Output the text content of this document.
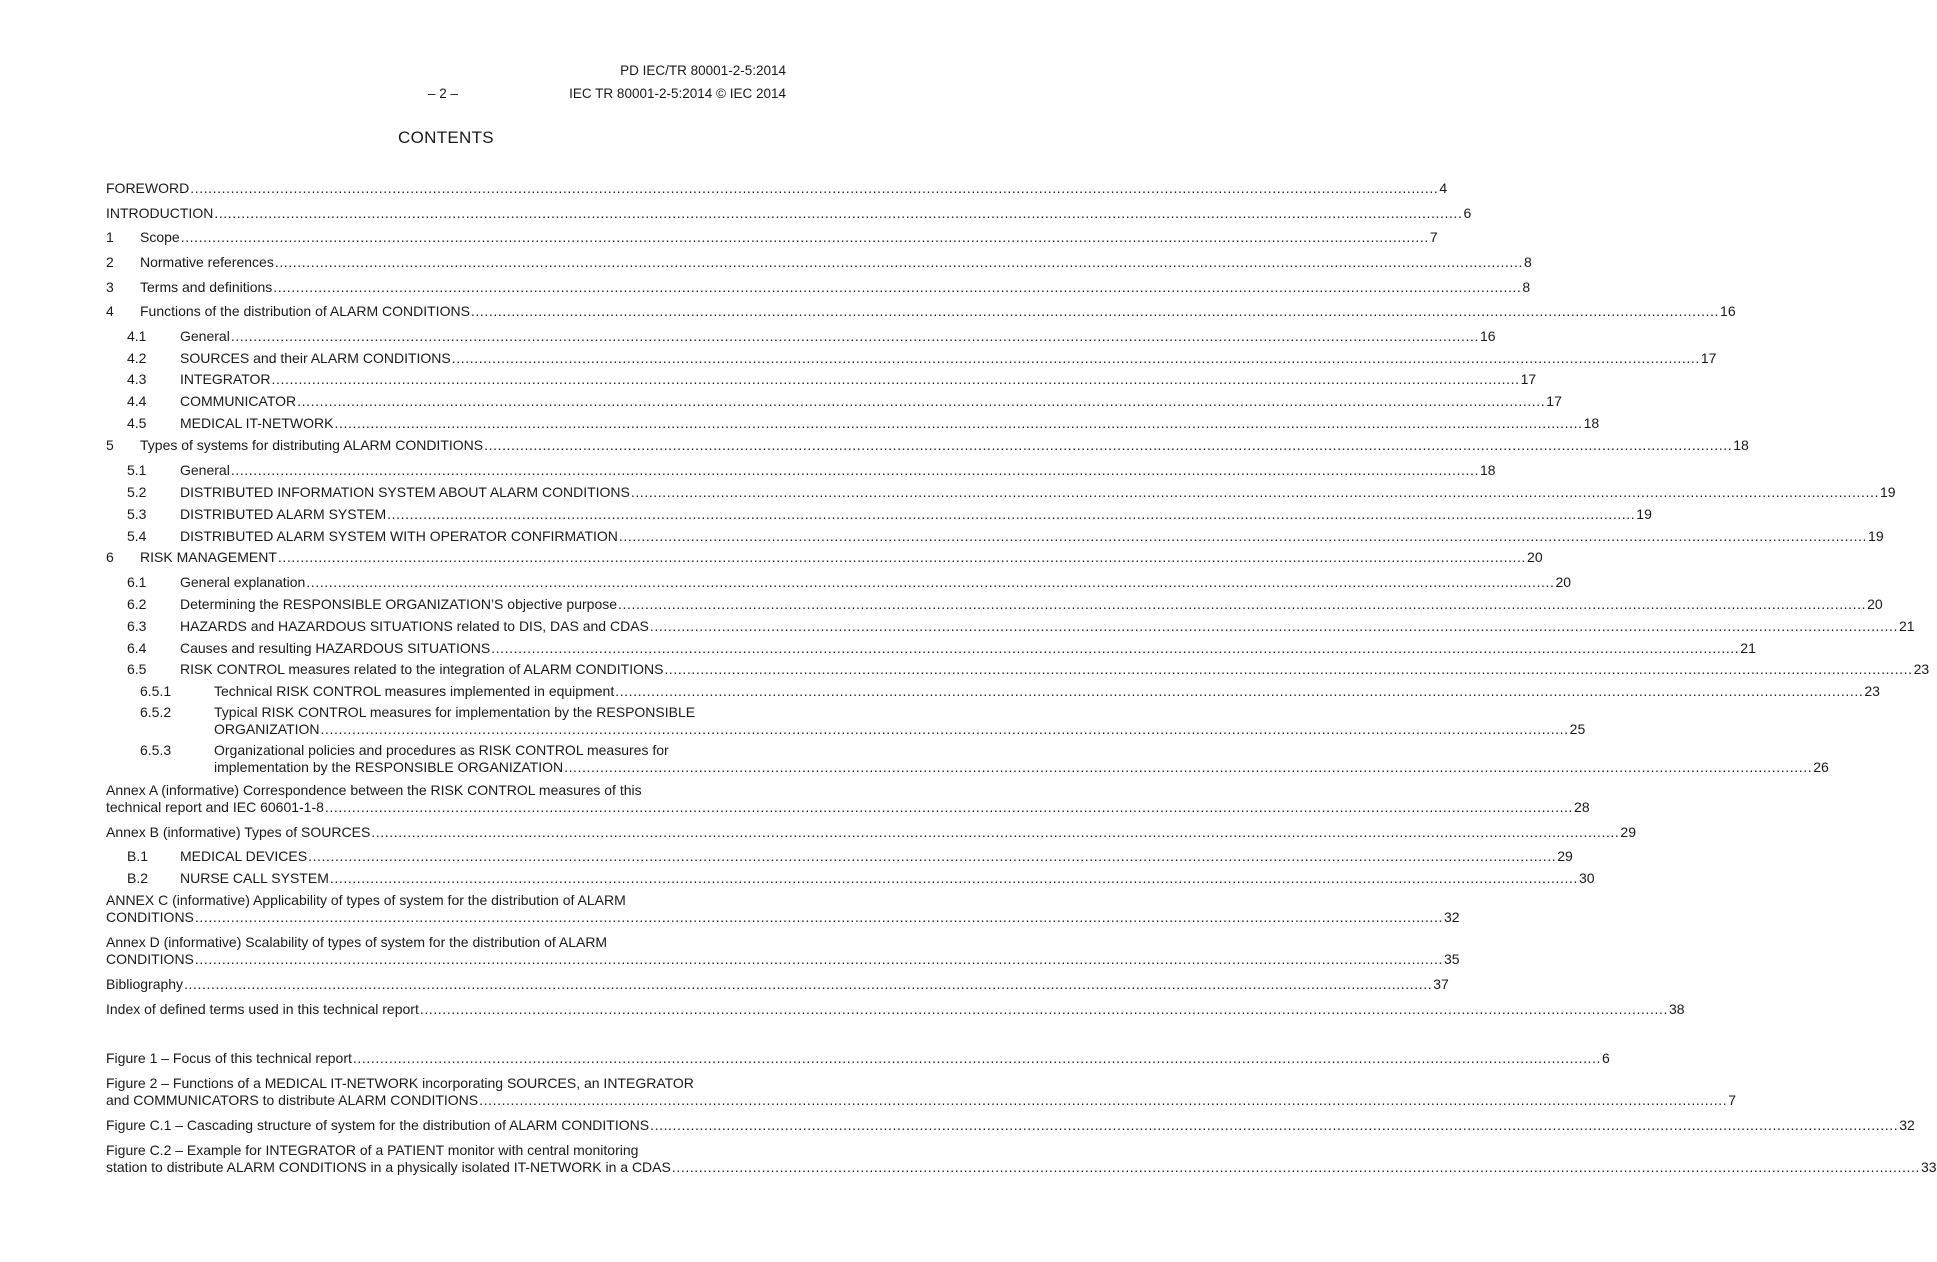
PD IEC/TR 80001-2-5:2014
– 2 –	IEC TR 80001-2-5:2014 © IEC 2014
CONTENTS
FOREWORD .....	4
INTRODUCTION .....	6
1 Scope .....	7
2 Normative references .....	8
3 Terms and definitions .....	8
4 Functions of the distribution of ALARM CONDITIONS .....	16
4.1 General .....	16
4.2 SOURCES and their ALARM CONDITIONS .....	17
4.3 INTEGRATOR .....	17
4.4 COMMUNICATOR .....	17
4.5 MEDICAL IT-NETWORK .....	18
5 Types of systems for distributing ALARM CONDITIONS .....	18
5.1 General .....	18
5.2 DISTRIBUTED INFORMATION SYSTEM ABOUT ALARM CONDITIONS .....	19
5.3 DISTRIBUTED ALARM SYSTEM .....	19
5.4 DISTRIBUTED ALARM SYSTEM WITH OPERATOR CONFIRMATION .....	19
6 RISK MANAGEMENT .....	20
6.1 General explanation .....	20
6.2 Determining the RESPONSIBLE ORGANIZATION’S objective purpose .....	20
6.3 HAZARDS and HAZARDOUS SITUATIONS related to DIS, DAS and CDAS .....	21
6.4 Causes and resulting HAZARDOUS SITUATIONS .....	21
6.5 RISK CONTROL measures related to the integration of ALARM CONDITIONS .....	23
6.5.1	Technical RISK CONTROL measures implemented in equipment .....	23
6.5.2	Typical RISK CONTROL measures for implementation by the RESPONSIBLE
ORGANIZATION .....	25
6.5.3	Organizational policies and procedures as RISK CONTROL measures for
implementation by the RESPONSIBLE ORGANIZATION .....	26
Annex A (informative) Correspondence between the RISK CONTROL measures of this
technical report and IEC 60601-1-8 .....	28
Annex B (informative) Types of SOURCES .....	29
B.1 MEDICAL DEVICES .....	29
B.2 NURSE CALL SYSTEM .....	30
ANNEX C (informative) Applicability of types of system for the distribution of ALARM
CONDITIONS .....	32
Annex D (informative) Scalability of types of system for the distribution of ALARM
CONDITIONS .....	35
Bibliography .....	37
Index of defined terms used in this technical report .....	38
Figure 1 – Focus of this technical report .....	6
Figure 2 – Functions of a MEDICAL IT-NETWORK incorporating SOURCES, an INTEGRATOR
and COMMUNICATORS to distribute ALARM CONDITIONS .....	7
Figure C.1 – Cascading structure of system for the distribution of ALARM CONDITIONS .....	32
Figure C.2 – Example for INTEGRATOR of a PATIENT monitor with central monitoring
station to distribute ALARM CONDITIONS in a physically isolated IT-NETWORK in a CDAS .....	33
